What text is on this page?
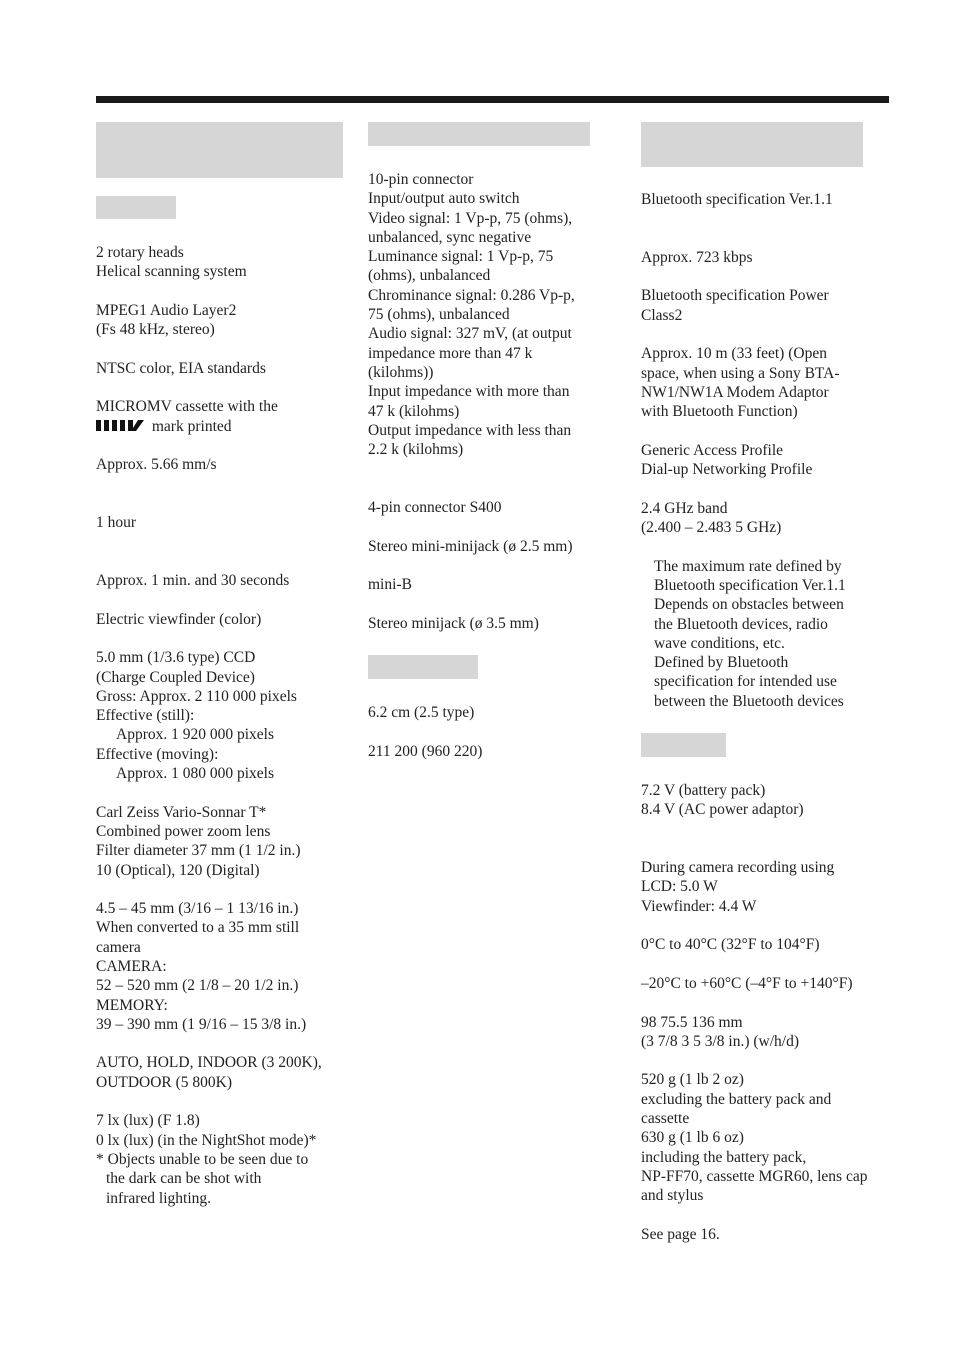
2 rotary heads

Helical scanning system

MPEG1 Audio Layer2

(Fs 48 kHz, stereo)

NTSC color, EIA standards

MICROMV cassette with the

mark printed

Approx. 5.66 mm/s

1 hour

Approx. 1 min. and 30 seconds

Electric viewfinder (color)

5.0 mm (1/3.6 type) CCD

(Charge Coupled Device)

Gross: Approx. 2 110 000 pixels

Effective (still):

Approx. 1 920 000 pixels

Effective (moving):

Approx. 1 080 000 pixels

Carl Zeiss Vario-Sonnar T*

Combined power zoom lens

Filter diameter 37 mm (1 1/2 in.)

10 (Optical), 120 (Digital)

4.5 – 45 mm (3/16 – 1 13/16 in.)

When converted to a 35 mm still

camera

CAMERA:

52 – 520 mm (2 1/8 – 20 1/2 in.)

MEMORY:

39 – 390 mm (1 9/16 – 15 3/8 in.)

AUTO, HOLD, INDOOR (3 200K),

OUTDOOR (5 800K)

7 lx (lux) (F 1.8)

0 lx (lux) (in the NightShot mode)*

* Objects unable to be seen due to

the dark can be shot with

infrared lighting.

10-pin connector

Input/output auto switch

Video signal: 1 Vp-p, 75 (ohms),

unbalanced, sync negative

Luminance signal: 1 Vp-p, 75

(ohms), unbalanced

Chrominance signal: 0.286 Vp-p,

75 (ohms), unbalanced

Audio signal: 327 mV, (at output

impedance more than 47 k

(kilohms))

Input impedance with more than

47 k (kilohms)

Output impedance with less than

2.2 k (kilohms)

4-pin connector S400

Stereo mini-minijack (ø 2.5 mm)

mini-B

Stereo minijack (ø 3.5 mm)

6.2 cm (2.5 type)

211 200 (960 220)

Bluetooth specification Ver.1.1

Approx. 723 kbps

Bluetooth specification Power

Class2

Approx. 10 m (33 feet) (Open

space, when using a Sony BTA-

NW1/NW1A Modem Adaptor

with Bluetooth Function)

Generic Access Profile

Dial-up Networking Profile

2.4 GHz band

(2.400 – 2.483 5 GHz)

The maximum rate defined by

Bluetooth specification Ver.1.1

Depends on obstacles between

the Bluetooth devices, radio

wave conditions, etc.

Defined by Bluetooth

specification for intended use

between the Bluetooth devices

7.2 V (battery pack)

8.4 V (AC power adaptor)

During camera recording using

LCD: 5.0 W

Viewfinder: 4.4 W

0°C to 40°C (32°F to 104°F)

–20°C to +60°C (–4°F to +140°F)

98 75.5 136 mm

(3 7/8 3 5 3/8 in.) (w/h/d)

520 g (1 lb 2 oz)

excluding the battery pack and

cassette

630 g (1 lb 6 oz)

including the battery pack,

NP-FF70, cassette MGR60, lens cap

and stylus

See page 16.
